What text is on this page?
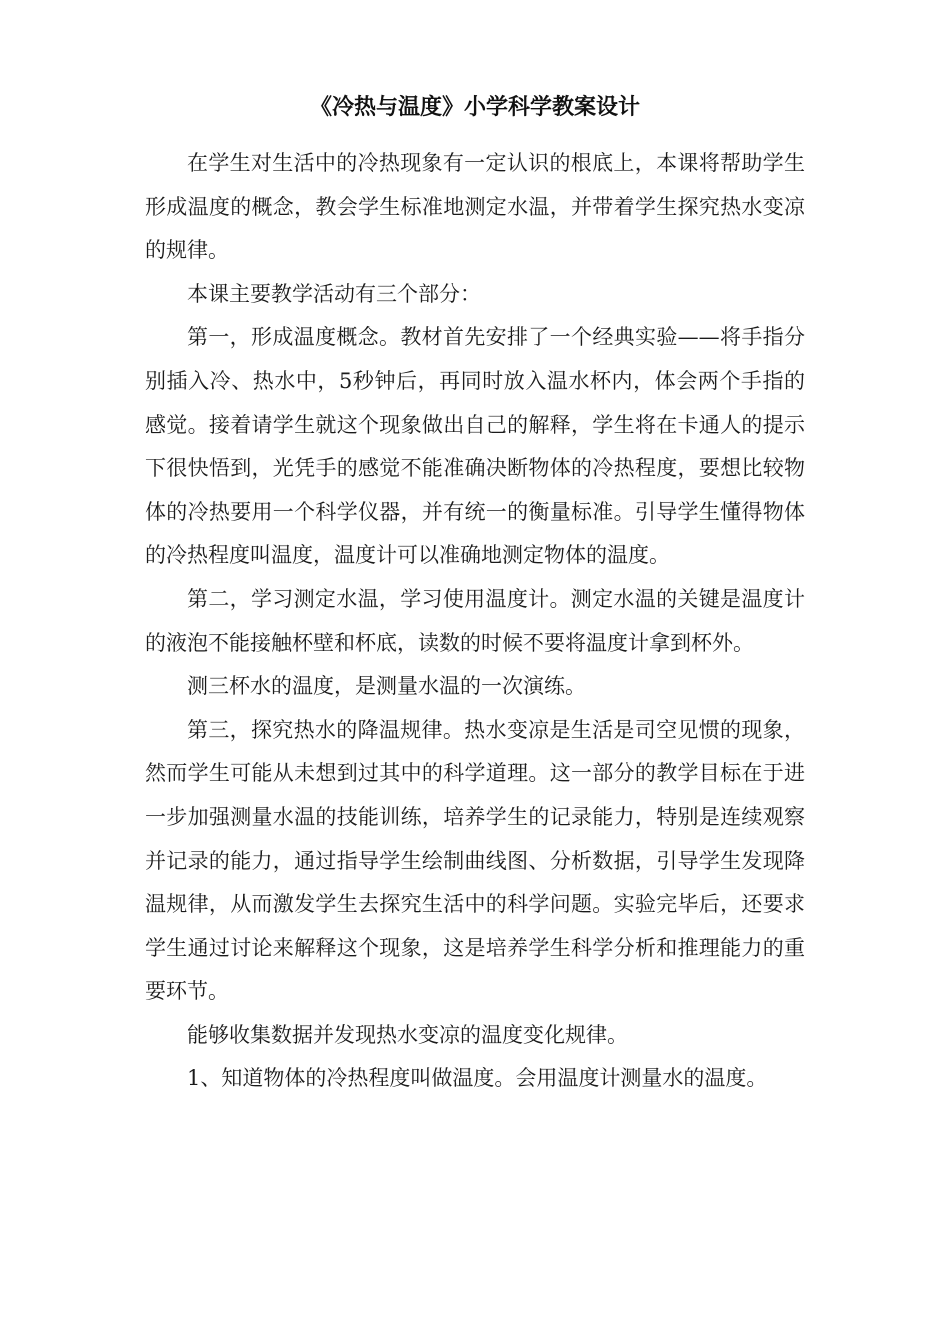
《冷热与温度》小学科学教案设计

在学生对生活中的冷热现象有一定认识的根底上，本课将帮助学生形成温度的概念，教会学生标准地测定水温，并带着学生探究热水变凉的规律。

本课主要教学活动有三个部分：

第一，形成温度概念。教材首先安排了一个经典实验——将手指分别插入冷、热水中，5秒钟后，再同时放入温水杯内，体会两个手指的感觉。接着请学生就这个现象做出自己的解释，学生将在卡通人的提示下很快悟到，光凭手的感觉不能准确决断物体的冷热程度，要想比较物体的冷热要用一个科学仪器，并有统一的衡量标准。引导学生懂得物体的冷热程度叫温度，温度计可以准确地测定物体的温度。

第二，学习测定水温，学习使用温度计。测定水温的关键是温度计的液泡不能接触杯壁和杯底，读数的时候不要将温度计拿到杯外。

测三杯水的温度，是测量水温的一次演练。

第三，探究热水的降温规律。热水变凉是生活是司空见惯的现象，然而学生可能从未想到过其中的科学道理。这一部分的教学目标在于进一步加强测量水温的技能训练，培养学生的记录能力，特别是连续观察并记录的能力，通过指导学生绘制曲线图、分析数据，引导学生发现降温规律，从而激发学生去探究生活中的科学问题。实验完毕后，还要求学生通过讨论来解释这个现象，这是培养学生科学分析和推理能力的重要环节。

能够收集数据并发现热水变凉的温度变化规律。

1、知道物体的冷热程度叫做温度。会用温度计测量水的温度。
